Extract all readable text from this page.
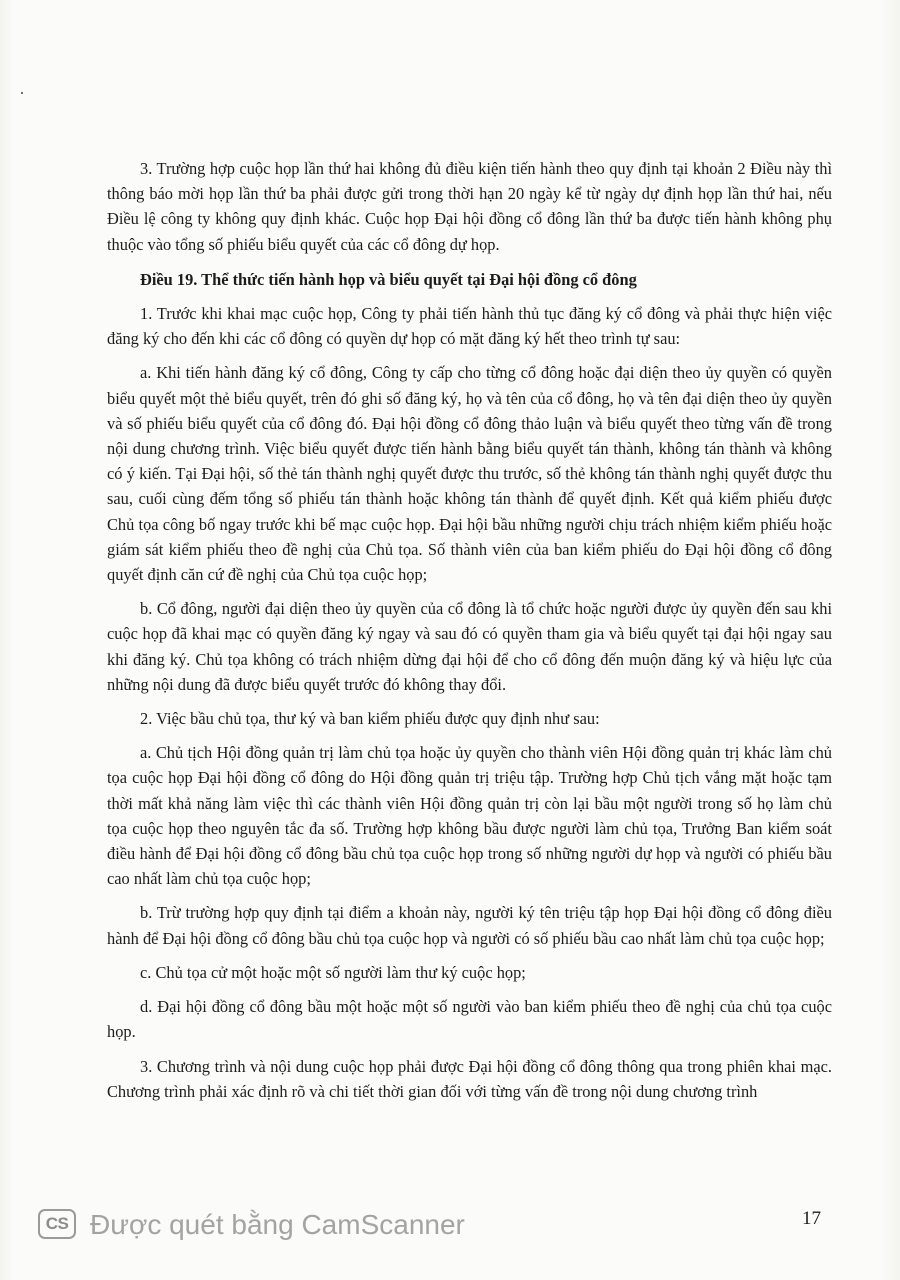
3. Trường hợp cuộc họp lần thứ hai không đủ điều kiện tiến hành theo quy định tại khoản 2 Điều này thì thông báo mời họp lần thứ ba phải được gửi trong thời hạn 20 ngày kể từ ngày dự định họp lần thứ hai, nếu Điều lệ công ty không quy định khác. Cuộc họp Đại hội đồng cổ đông lần thứ ba được tiến hành không phụ thuộc vào tổng số phiếu biểu quyết của các cổ đông dự họp.

Điều 19. Thể thức tiến hành họp và biểu quyết tại Đại hội đồng cổ đông

1. Trước khi khai mạc cuộc họp, Công ty phải tiến hành thủ tục đăng ký cổ đông và phải thực hiện việc đăng ký cho đến khi các cổ đông có quyền dự họp có mặt đăng ký hết theo trình tự sau:

a. Khi tiến hành đăng ký cổ đông, Công ty cấp cho từng cổ đông hoặc đại diện theo ủy quyền có quyền biểu quyết một thẻ biểu quyết, trên đó ghi số đăng ký, họ và tên của cổ đông, họ và tên đại diện theo ủy quyền và số phiếu biểu quyết của cổ đông đó. Đại hội đồng cổ đông thảo luận và biểu quyết theo từng vấn đề trong nội dung chương trình. Việc biểu quyết được tiến hành bằng biểu quyết tán thành, không tán thành và không có ý kiến. Tại Đại hội, số thẻ tán thành nghị quyết được thu trước, số thẻ không tán thành nghị quyết được thu sau, cuối cùng đếm tổng số phiếu tán thành hoặc không tán thành để quyết định. Kết quả kiểm phiếu được Chủ tọa công bố ngay trước khi bế mạc cuộc họp. Đại hội bầu những người chịu trách nhiệm kiểm phiếu hoặc giám sát kiểm phiếu theo đề nghị của Chủ tọa. Số thành viên của ban kiểm phiếu do Đại hội đồng cổ đông quyết định căn cứ đề nghị của Chủ tọa cuộc họp;

b. Cổ đông, người đại diện theo ủy quyền của cổ đông là tổ chức hoặc người được ủy quyền đến sau khi cuộc họp đã khai mạc có quyền đăng ký ngay và sau đó có quyền tham gia và biểu quyết tại đại hội ngay sau khi đăng ký. Chủ tọa không có trách nhiệm dừng đại hội để cho cổ đông đến muộn đăng ký và hiệu lực của những nội dung đã được biểu quyết trước đó không thay đổi.

2. Việc bầu chủ tọa, thư ký và ban kiểm phiếu được quy định như sau:

a. Chủ tịch Hội đồng quản trị làm chủ tọa hoặc ủy quyền cho thành viên Hội đồng quản trị khác làm chủ tọa cuộc họp Đại hội đồng cổ đông do Hội đồng quản trị triệu tập. Trường hợp Chủ tịch vắng mặt hoặc tạm thời mất khả năng làm việc thì các thành viên Hội đồng quản trị còn lại bầu một người trong số họ làm chủ tọa cuộc họp theo nguyên tắc đa số. Trường hợp không bầu được người làm chủ tọa, Trưởng Ban kiểm soát điều hành để Đại hội đồng cổ đông bầu chủ tọa cuộc họp trong số những người dự họp và người có phiếu bầu cao nhất làm chủ tọa cuộc họp;

b. Trừ trường hợp quy định tại điểm a khoản này, người ký tên triệu tập họp Đại hội đồng cổ đông điều hành để Đại hội đồng cổ đông bầu chủ tọa cuộc họp và người có số phiếu bầu cao nhất làm chủ tọa cuộc họp;

c. Chủ tọa cử một hoặc một số người làm thư ký cuộc họp;

d. Đại hội đồng cổ đông bầu một hoặc một số người vào ban kiểm phiếu theo đề nghị của chủ tọa cuộc họp.

3. Chương trình và nội dung cuộc họp phải được Đại hội đồng cổ đông thông qua trong phiên khai mạc. Chương trình phải xác định rõ và chi tiết thời gian đối với từng vấn đề trong nội dung chương trình

CS Được quét bằng CamScanner	17
